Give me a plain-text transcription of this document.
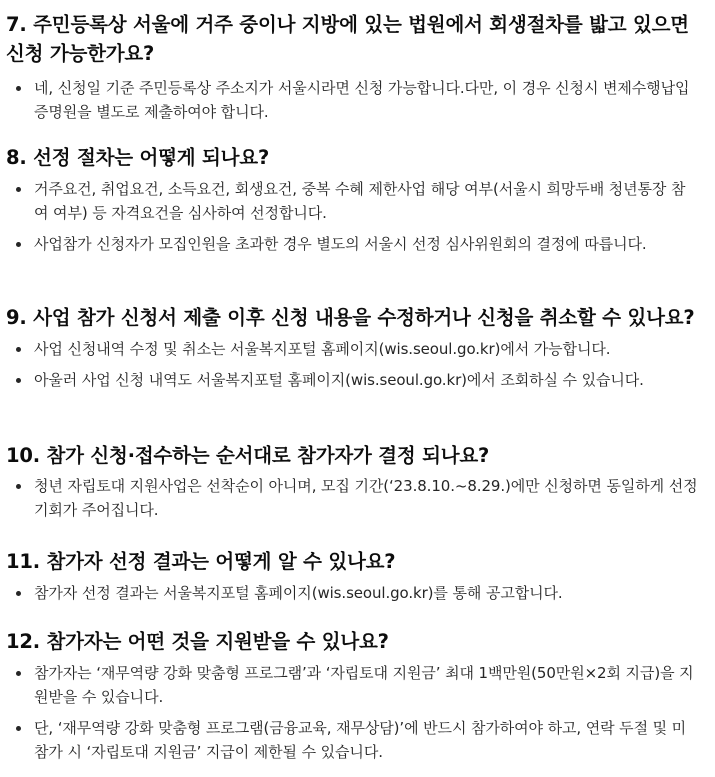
7. 주민등록상 서울에 거주 중이나 지방에 있는 법원에서 회생절차를 밟고 있으면 신청 가능한가요?
네, 신청일 기준 주민등록상 주소지가 서울시라면 신청 가능합니다.다만, 이 경우 신청시 변제수행납입증명원을 별도로 제출하여야 합니다.
8. 선정 절차는 어떻게 되나요?
거주요건, 취업요건, 소득요건, 회생요건, 중복 수혜 제한사업 해당 여부(서울시 희망두배 청년통장 참여 여부) 등 자격요건을 심사하여 선정합니다.
사업참가 신청자가 모집인원을 초과한 경우 별도의 서울시 선정 심사위원회의 결정에 따릅니다.
9. 사업 참가 신청서 제출 이후 신청 내용을 수정하거나 신청을 취소할 수 있나요?
사업 신청내역 수정 및 취소는 서울복지포털 홈페이지(wis.seoul.go.kr)에서 가능합니다.
아울러 사업 신청 내역도 서울복지포털 홈페이지(wis.seoul.go.kr)에서 조회하실 수 있습니다.
10. 참가 신청·접수하는 순서대로 참가자가 결정 되나요?
청년 자립토대 지원사업은 선착순이 아니며, 모집 기간(‘23.8.10.~8.29.)에만 신청하면 동일하게 선정 기회가 주어집니다.
11. 참가자 선정 결과는 어떻게 알 수 있나요?
참가자 선정 결과는 서울복지포털 홈페이지(wis.seoul.go.kr)를 통해 공고합니다.
12. 참가자는 어떤 것을 지원받을 수 있나요?
참가자는 ‘재무역량 강화 맞춤형 프로그램’과 ‘자립토대 지원금’ 최대 1백만원(50만원×2회 지급)을 지원받을 수 있습니다.
단, ‘재무역량 강화 맞춤형 프로그램(금융교육, 재무상담)’에 반드시 참가하여야 하고, 연락 두절 및 미 참가 시 ‘자립토대 지원금’ 지급이 제한될 수 있습니다.
